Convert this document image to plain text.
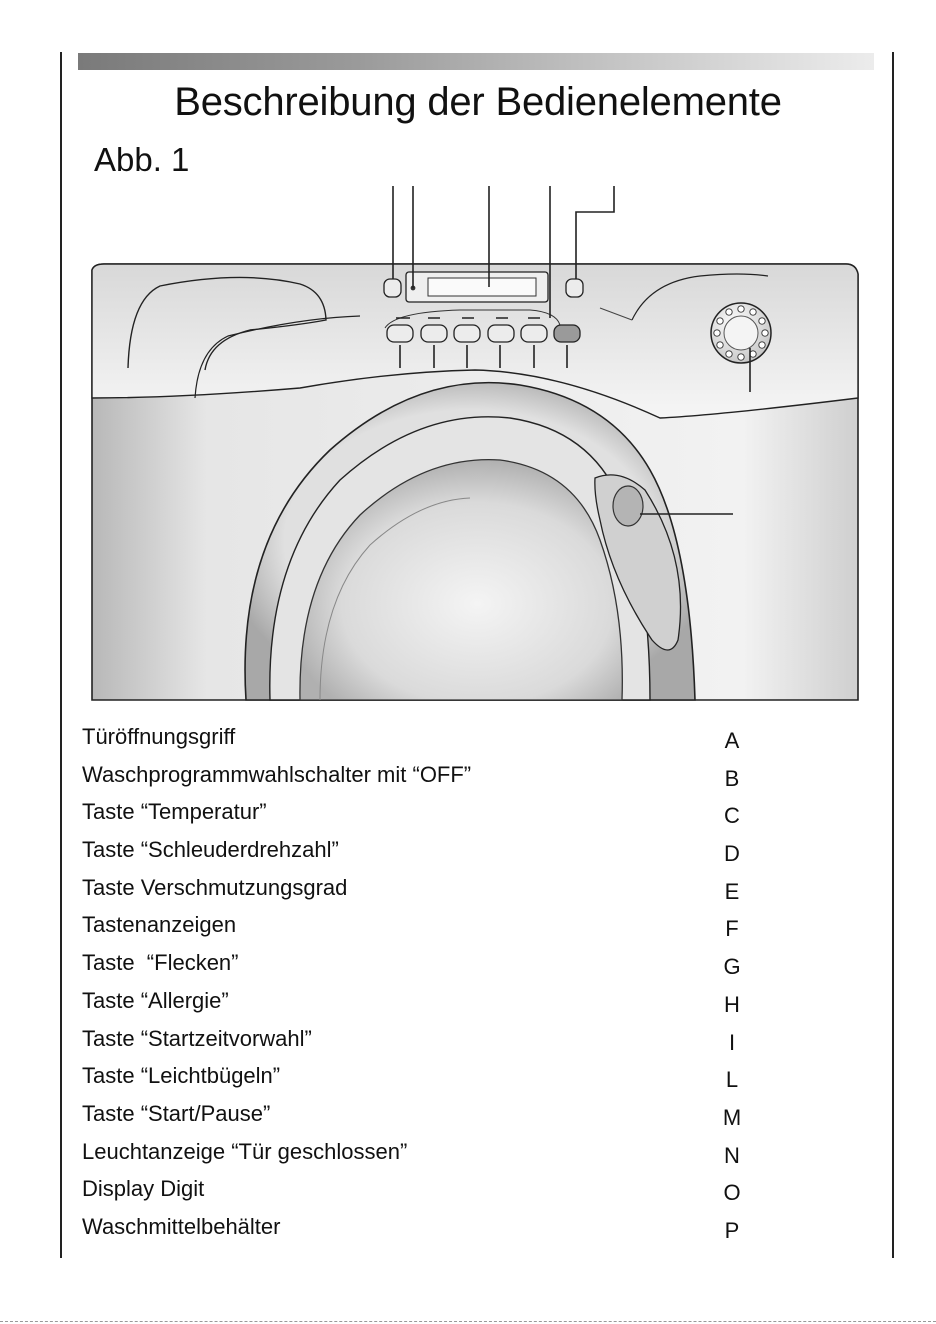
Beschreibung der Bedienelemente
Abb. 1
Türöffnungsgriff	A
Waschprogrammwahlschalter mit “OFF”	B
Taste “Temperatur”	C
Taste “Schleuderdrehzahl”	D
Taste Verschmutzungsgrad	E
Tastenanzeigen	F
Taste  “Flecken”	G
Taste “Allergie”	H
Taste “Startzeitvorwahl”	I
Taste “Leichtbügeln”	L
Taste “Start/Pause”	M
Leuchtanzeige “Tür geschlossen”	N
Display Digit	O
Waschmittelbehälter	P
